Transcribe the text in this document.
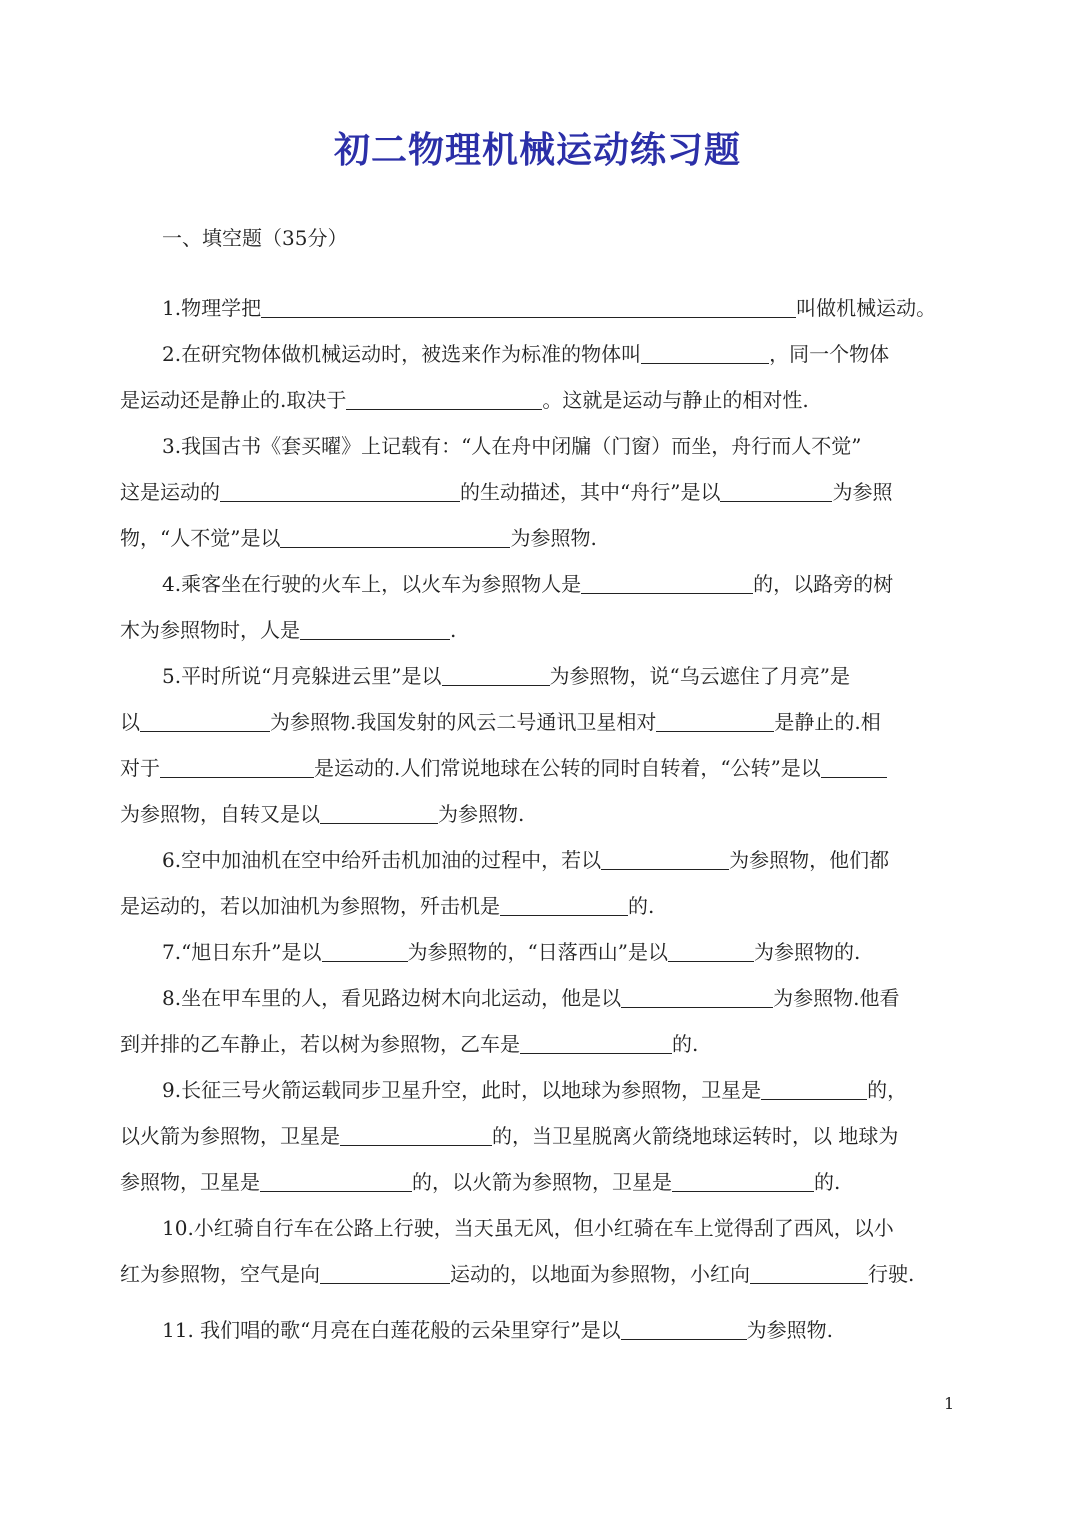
初二物理机械运动练习题
一、填空题（35分）
1.物理学把	叫做机械运动。
2.在研究物体做机械运动时，被选来作为标准的物体叫	，同一个物体
是运动还是静止的.取决于	。这就是运动与静止的相对性.
3.我国古书《套买曜》上记载有：“人在舟中闭牖（门窗）而坐，舟行而人不觉”
这是运动的	的生动描述，其中“舟行”是以	为参照
物，“人不觉”是以	为参照物.
4.乘客坐在行驶的火车上，以火车为参照物人是	的，以路旁的树
木为参照物时，人是	.
5.平时所说“月亮躲进云里”是以	为参照物，说“乌云遮住了月亮”是
以	为参照物.我国发射的风云二号通讯卫星相对	是静止的.相
对于	是运动的.人们常说地球在公转的同时自转着，“公转”是以
为参照物，自转又是以	为参照物.
6.空中加油机在空中给歼击机加油的过程中，若以	为参照物，他们都
是运动的，若以加油机为参照物，歼击机是	的.
7.“旭日东升”是以	为参照物的，“日落西山”是以	为参照物的.
8.坐在甲车里的人，看见路边树木向北运动，他是以	为参照物.他看
到并排的乙车静止，若以树为参照物，乙车是	的.
9.长征三号火箭运载同步卫星升空，此时，以地球为参照物，卫星是	的，
以火箭为参照物，卫星是	的，当卫星脱离火箭绕地球运转时，以 地球为
参照物，卫星是	的，以火箭为参照物，卫星是	的.
10.小红骑自行车在公路上行驶，当天虽无风，但小红骑在车上觉得刮了西风，以小
红为参照物，空气是向	运动的，以地面为参照物，小红向	行驶.
11. 我们唱的歌“月亮在白莲花般的云朵里穿行”是以	为参照物.
1
